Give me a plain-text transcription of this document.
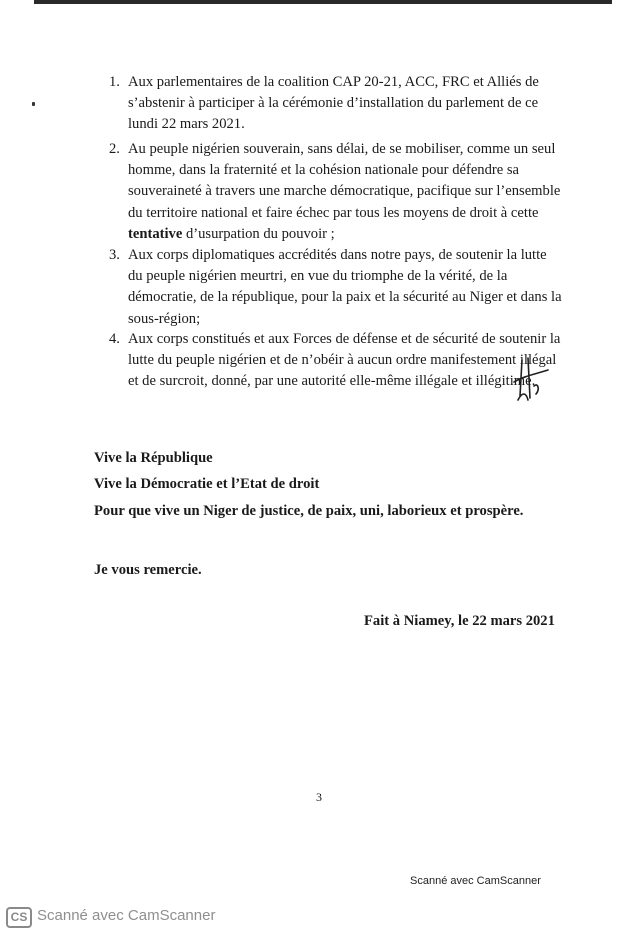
1. Aux parlementaires de la coalition CAP 20-21, ACC, FRC et Alliés de s’abstenir à participer à la cérémonie d’installation du parlement de ce lundi 22 mars 2021.
2. Au peuple nigérien souverain, sans délai, de se mobiliser, comme un seul homme, dans la fraternité et la cohésion nationale pour défendre sa souveraineté à travers une marche démocratique, pacifique sur l’ensemble du territoire national et faire échec par tous les moyens de droit à cette tentative d’usurpation du pouvoir ;
3. Aux corps diplomatiques accrédités dans notre pays, de soutenir la lutte du peuple nigérien meurtri, en vue du triomphe de la vérité, de la démocratie, de la république, pour la paix et la sécurité au Niger et dans la sous-région;
4. Aux corps constitués et aux Forces de défense et de sécurité de soutenir la lutte du peuple nigérien et de n’obéir à aucun ordre manifestement illégal et de surcroit, donné, par une autorité elle-même illégale et illégitime.
Vive la République
Vive la Démocratie et l’Etat de droit
Pour que vive un Niger de justice, de paix, uni, laborieux et prospère.
Je vous remercie.
Fait à Niamey, le 22 mars 2021
3
Scanné avec CamScanner
CS Scanné avec CamScanner
